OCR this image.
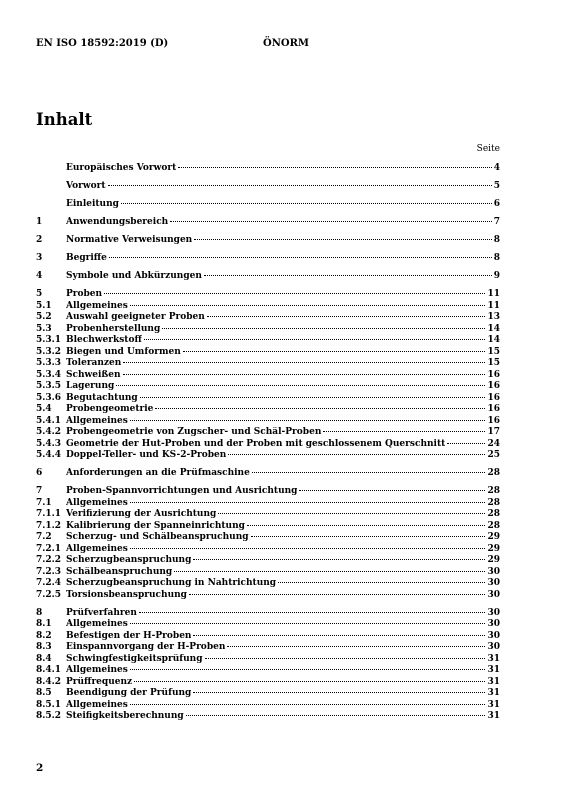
EN ISO 18592:2019 (D)	ÖNORM
Inhalt
Seite
Europäisches Vorwort	4
Vorwort	5
Einleitung	6
1	Anwendungsbereich	7
2	Normative Verweisungen	8
3	Begriffe	8
4	Symbole und Abkürzungen	9
5	Proben	11
5.1	Allgemeines	11
5.2	Auswahl geeigneter Proben	13
5.3	Probenherstellung	14
5.3.1 Blechwerkstoff	14
5.3.2 Biegen und Umformen	15
5.3.3 Toleranzen	15
5.3.4 Schweißen	16
5.3.5 Lagerung	16
5.3.6 Begutachtung	16
5.4	Probengeometrie	16
5.4.1 Allgemeines	16
5.4.2 Probengeometrie von Zugscher- und Schäl-Proben	17
5.4.3 Geometrie der Hut-Proben und der Proben mit geschlossenem Querschnitt	24
5.4.4 Doppel-Teller- und KS-2-Proben	25
6	Anforderungen an die Prüfmaschine	28
7	Proben-Spannvorrichtungen und Ausrichtung	28
7.1	Allgemeines	28
7.1.1 Verifizierung der Ausrichtung	28
7.1.2 Kalibrierung der Spanneinrichtung	28
7.2	Scherzug- und Schälbeanspruchung	29
7.2.1 Allgemeines	29
7.2.2 Scherzugbeanspruchung	29
7.2.3 Schälbeanspruchung	30
7.2.4 Scherzugbeanspruchung in Nahtrichtung	30
7.2.5 Torsionsbeanspruchung	30
8	Prüfverfahren	30
8.1	Allgemeines	30
8.2	Befestigen der H-Proben	30
8.3	Einspannvorgang der H-Proben	30
8.4	Schwingfestigkeitsprüfung	31
8.4.1 Allgemeines	31
8.4.2 Prüffrequenz	31
8.5	Beendigung der Prüfung	31
8.5.1 Allgemeines	31
8.5.2 Steifigkeitsberechnung	31
2
